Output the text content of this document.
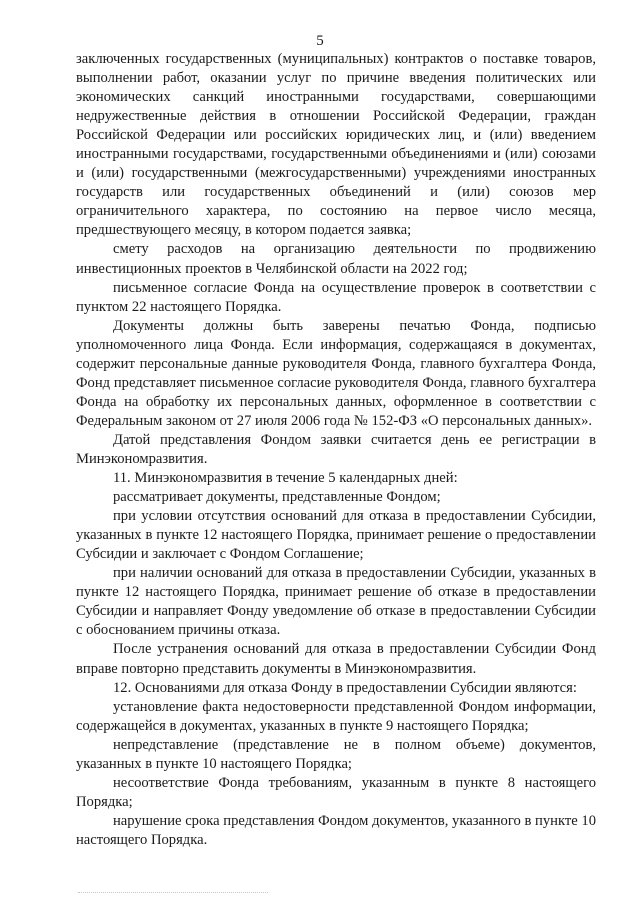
5

заключенных государственных (муниципальных) контрактов о поставке товаров, выполнении работ, оказании услуг по причине введения политических или экономических санкций иностранными государствами, совершающими недружественные действия в отношении Российской Федерации, граждан Российской Федерации или российских юридических лиц, и (или) введением иностранными государствами, государственными объединениями и (или) союзами и (или) государственными (межгосударственными) учреждениями иностранных государств или государственных объединений и (или) союзов мер ограничительного характера, по состоянию на первое число месяца, предшествующего месяцу, в котором подается заявка;

смету расходов на организацию деятельности по продвижению инвестиционных проектов в Челябинской области на 2022 год;

письменное согласие Фонда на осуществление проверок в соответствии с пунктом 22 настоящего Порядка.

Документы должны быть заверены печатью Фонда, подписью уполномоченного лица Фонда. Если информация, содержащаяся в документах, содержит персональные данные руководителя Фонда, главного бухгалтера Фонда, Фонд представляет письменное согласие руководителя Фонда, главного бухгалтера Фонда на обработку их персональных данных, оформленное в соответствии с Федеральным законом от 27 июля 2006 года № 152-ФЗ «О персональных данных».

Датой представления Фондом заявки считается день ее регистрации в Минэкономразвития.

11. Минэкономразвития в течение 5 календарных дней:

рассматривает документы, представленные Фондом;

при условии отсутствия оснований для отказа в предоставлении Субсидии, указанных в пункте 12 настоящего Порядка, принимает решение о предоставлении Субсидии и заключает с Фондом Соглашение;

при наличии оснований для отказа в предоставлении Субсидии, указанных в пункте 12 настоящего Порядка, принимает решение об отказе в предоставлении Субсидии и направляет Фонду уведомление об отказе в предоставлении Субсидии с обоснованием причины отказа.

После устранения оснований для отказа в предоставлении Субсидии Фонд вправе повторно представить документы в Минэкономразвития.

12. Основаниями для отказа Фонду в предоставлении Субсидии являются:

установление факта недостоверности представленной Фондом информации, содержащейся в документах, указанных в пункте 9 настоящего Порядка;

непредставление (представление не в полном объеме) документов, указанных в пункте 10 настоящего Порядка;

несоответствие Фонда требованиям, указанным в пункте 8 настоящего Порядка;

нарушение срока представления Фондом документов, указанного в пункте 10 настоящего Порядка.
